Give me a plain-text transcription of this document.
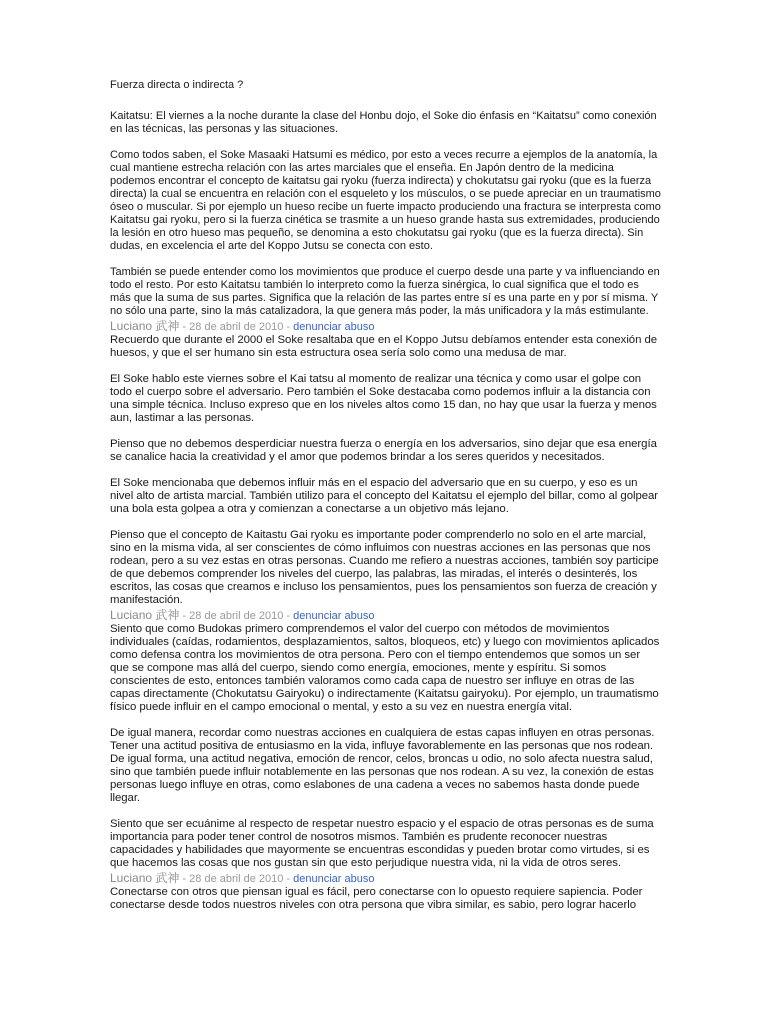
Fuerza directa o indirecta ?

Kaitatsu: El viernes a la noche durante la clase del Honbu dojo, el Soke dio énfasis en “Kaitatsu” como conexión en las técnicas, las personas y las situaciones.

Como todos saben, el Soke Masaaki Hatsumi es médico, por esto a veces recurre a ejemplos de la anatomía, la cual mantiene estrecha relación con las artes marciales que el enseña. En Japón dentro de la medicina podemos encontrar el concepto de kaitatsu gai ryoku (fuerza indirecta) y chokutatsu gai ryoku (que es la fuerza directa) la cual se encuentra en relación con el esqueleto y los músculos, o se puede apreciar en un traumatismo óseo o muscular. Si por ejemplo un hueso recibe un fuerte impacto produciendo una fractura se interpresta como Kaitatsu gai ryoku, pero si la fuerza cinética se trasmite a un hueso grande hasta sus extremidades, produciendo la lesión en otro hueso mas pequeño, se denomina a esto chokutatsu gai ryoku (que es la fuerza directa). Sin dudas, en excelencia el arte del Koppo Jutsu se conecta con esto.

También se puede entender como los movimientos que produce el cuerpo desde una parte y va influenciando en todo el resto. Por esto Kaitatsu también lo interpreto como la fuerza sinérgica, lo cual significa que el todo es más que la suma de sus partes. Significa que la relación de las partes entre sí es una parte en y por sí misma. Y no sólo una parte, sino la más catalizadora, la que genera más poder, la más unificadora y la más estimulante.

Luciano 武神 - 28 de abril de 2010 - denunciar abuso

Recuerdo que durante el 2000 el Soke resaltaba que en el Koppo Jutsu debíamos entender esta conexión de huesos, y que el ser humano sin esta estructura osea sería solo como una medusa de mar.

El Soke hablo este viernes sobre el Kai tatsu al momento de realizar una técnica y como usar el golpe con todo el cuerpo sobre el adversario. Pero también el Soke destacaba como podemos influir a la distancia con una simple técnica. Incluso expreso que en los niveles altos como 15 dan, no hay que usar la fuerza y menos aun, lastimar a las personas.

Pienso que no debemos desperdiciar nuestra fuerza o energía en los adversarios, sino dejar que esa energía se canalice hacia la creatividad y el amor que podemos brindar a los seres queridos y necesitados.

El Soke mencionaba que debemos influir más en el espacio del adversario que en su cuerpo, y eso es un nivel alto de artista marcial. También utilizo para el concepto del Kaitatsu el ejemplo del billar, como al golpear una bola esta golpea a otra y comienzan a conectarse a un objetivo más lejano.

Pienso que el concepto de Kaitastu Gai ryoku es importante poder comprenderlo no solo en el arte marcial, sino en la misma vida, al ser conscientes de cómo influimos con nuestras acciones en las personas que nos rodean, pero a su vez estas en otras personas. Cuando me refiero a nuestras acciones, también soy participe de que debemos comprender los niveles del cuerpo, las palabras, las miradas, el interés o desinterés, los escritos, las cosas que creamos e incluso los pensamientos, pues los pensamientos son fuerza de creación y manifestación.

Luciano 武神 - 28 de abril de 2010 - denunciar abuso

Siento que como Budokas primero comprendemos el valor del cuerpo con métodos de movimientos individuales (caídas, rodamientos, desplazamientos, saltos, bloqueos, etc) y luego con movimientos aplicados como defensa contra los movimientos de otra persona. Pero con el tiempo entendemos que somos un ser que se compone mas allá del cuerpo, siendo como energía, emociones, mente y espíritu. Si somos conscientes de esto, entonces también valoramos como cada capa de nuestro ser influye en otras de las capas directamente (Chokutatsu Gairyoku) o indirectamente (Kaitatsu gairyoku). Por ejemplo, un traumatismo físico puede influir en el campo emocional o mental, y esto a su vez en nuestra energía vital.

De igual manera, recordar como nuestras acciones en cualquiera de estas capas influyen en otras personas. Tener una actitud positiva de entusiasmo en la vida, influye favorablemente en las personas que nos rodean. De igual forma, una actitud negativa, emoción de rencor, celos, broncas u odio, no solo afecta nuestra salud, sino que también puede influir notablemente en las personas que nos rodean. A su vez, la conexión de estas personas luego influye en otras, como eslabones de una cadena a veces no sabemos hasta donde puede llegar.

Siento que ser ecuánime al respecto de respetar nuestro espacio y el espacio de otras personas es de suma importancia para poder tener control de nosotros mismos. También es prudente reconocer nuestras capacidades y habilidades que mayormente se encuentras escondidas y pueden brotar como virtudes, si es que hacemos las cosas que nos gustan sin que esto perjudique nuestra vida, ni la vida de otros seres.

Luciano 武神 - 28 de abril de 2010 - denunciar abuso

Conectarse con otros que piensan igual es fácil, pero conectarse con lo opuesto requiere sapiencia. Poder conectarse desde todos nuestros niveles con otra persona que vibra similar, es sabio, pero lograr hacerlo
